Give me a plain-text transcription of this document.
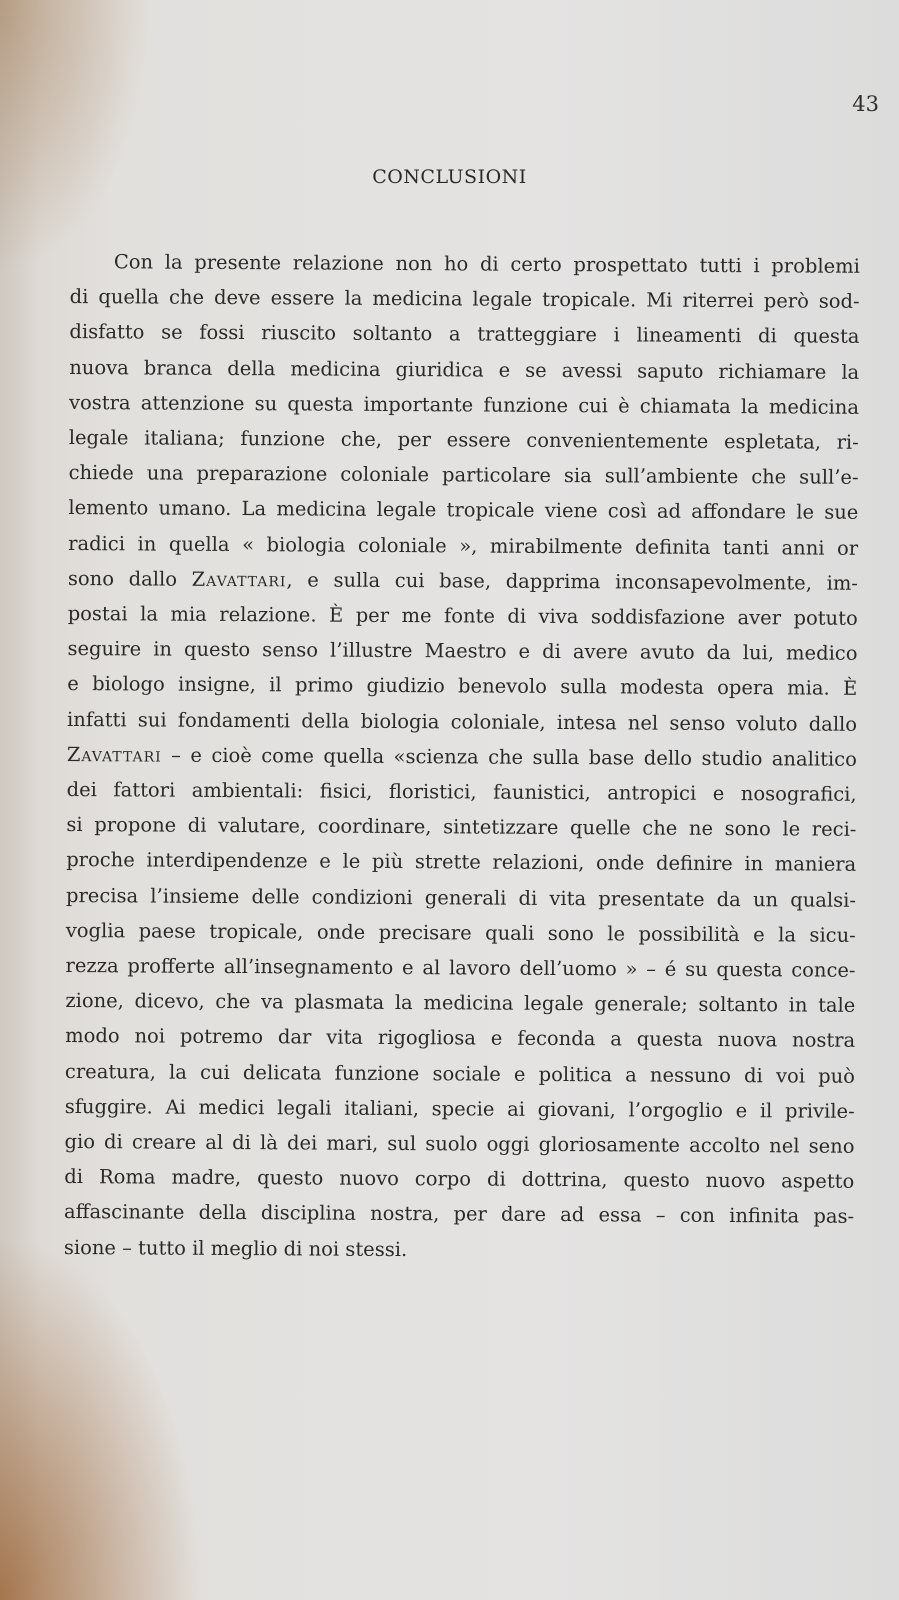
43
CONCLUSIONI
Con la presente relazione non ho di certo prospettato tutti i problemi
di quella che deve essere la medicina legale tropicale. Mi riterrei però sod-
disfatto se fossi riuscito soltanto a tratteggiare i lineamenti di questa
nuova branca della medicina giuridica e se avessi saputo richiamare la
vostra attenzione su questa importante funzione cui è chiamata la medicina
legale italiana; funzione che, per essere convenientemente espletata, ri-
chiede una preparazione coloniale particolare sia sull’ambiente che sull’e-
lemento umano. La medicina legale tropicale viene così ad affondare le sue
radici in quella « biologia coloniale », mirabilmente definita tanti anni or
sono dallo Zavattari, e sulla cui base, dapprima inconsapevolmente, im-
postai la mia relazione. È per me fonte di viva soddisfazione aver potuto
seguire in questo senso l’illustre Maestro e di avere avuto da lui, medico
e biologo insigne, il primo giudizio benevolo sulla modesta opera mia. È
infatti sui fondamenti della biologia coloniale, intesa nel senso voluto dallo
Zavattari – e cioè come quella «scienza che sulla base dello studio analitico
dei fattori ambientali: fisici, floristici, faunistici, antropici e nosografici,
si propone di valutare, coordinare, sintetizzare quelle che ne sono le reci-
proche interdipendenze e le più strette relazioni, onde definire in maniera
precisa l’insieme delle condizioni generali di vita presentate da un qualsi-
voglia paese tropicale, onde precisare quali sono le possibilità e la sicu-
rezza profferte all’insegnamento e al lavoro dell’uomo » – é su questa conce-
zione, dicevo, che va plasmata la medicina legale generale; soltanto in tale
modo noi potremo dar vita rigogliosa e feconda a questa nuova nostra
creatura, la cui delicata funzione sociale e politica a nessuno di voi può
sfuggire. Ai medici legali italiani, specie ai giovani, l’orgoglio e il privile-
gio di creare al di là dei mari, sul suolo oggi gloriosamente accolto nel seno
di Roma madre, questo nuovo corpo di dottrina, questo nuovo aspetto
affascinante della disciplina nostra, per dare ad essa – con infinita pas-
sione – tutto il meglio di noi stessi.
